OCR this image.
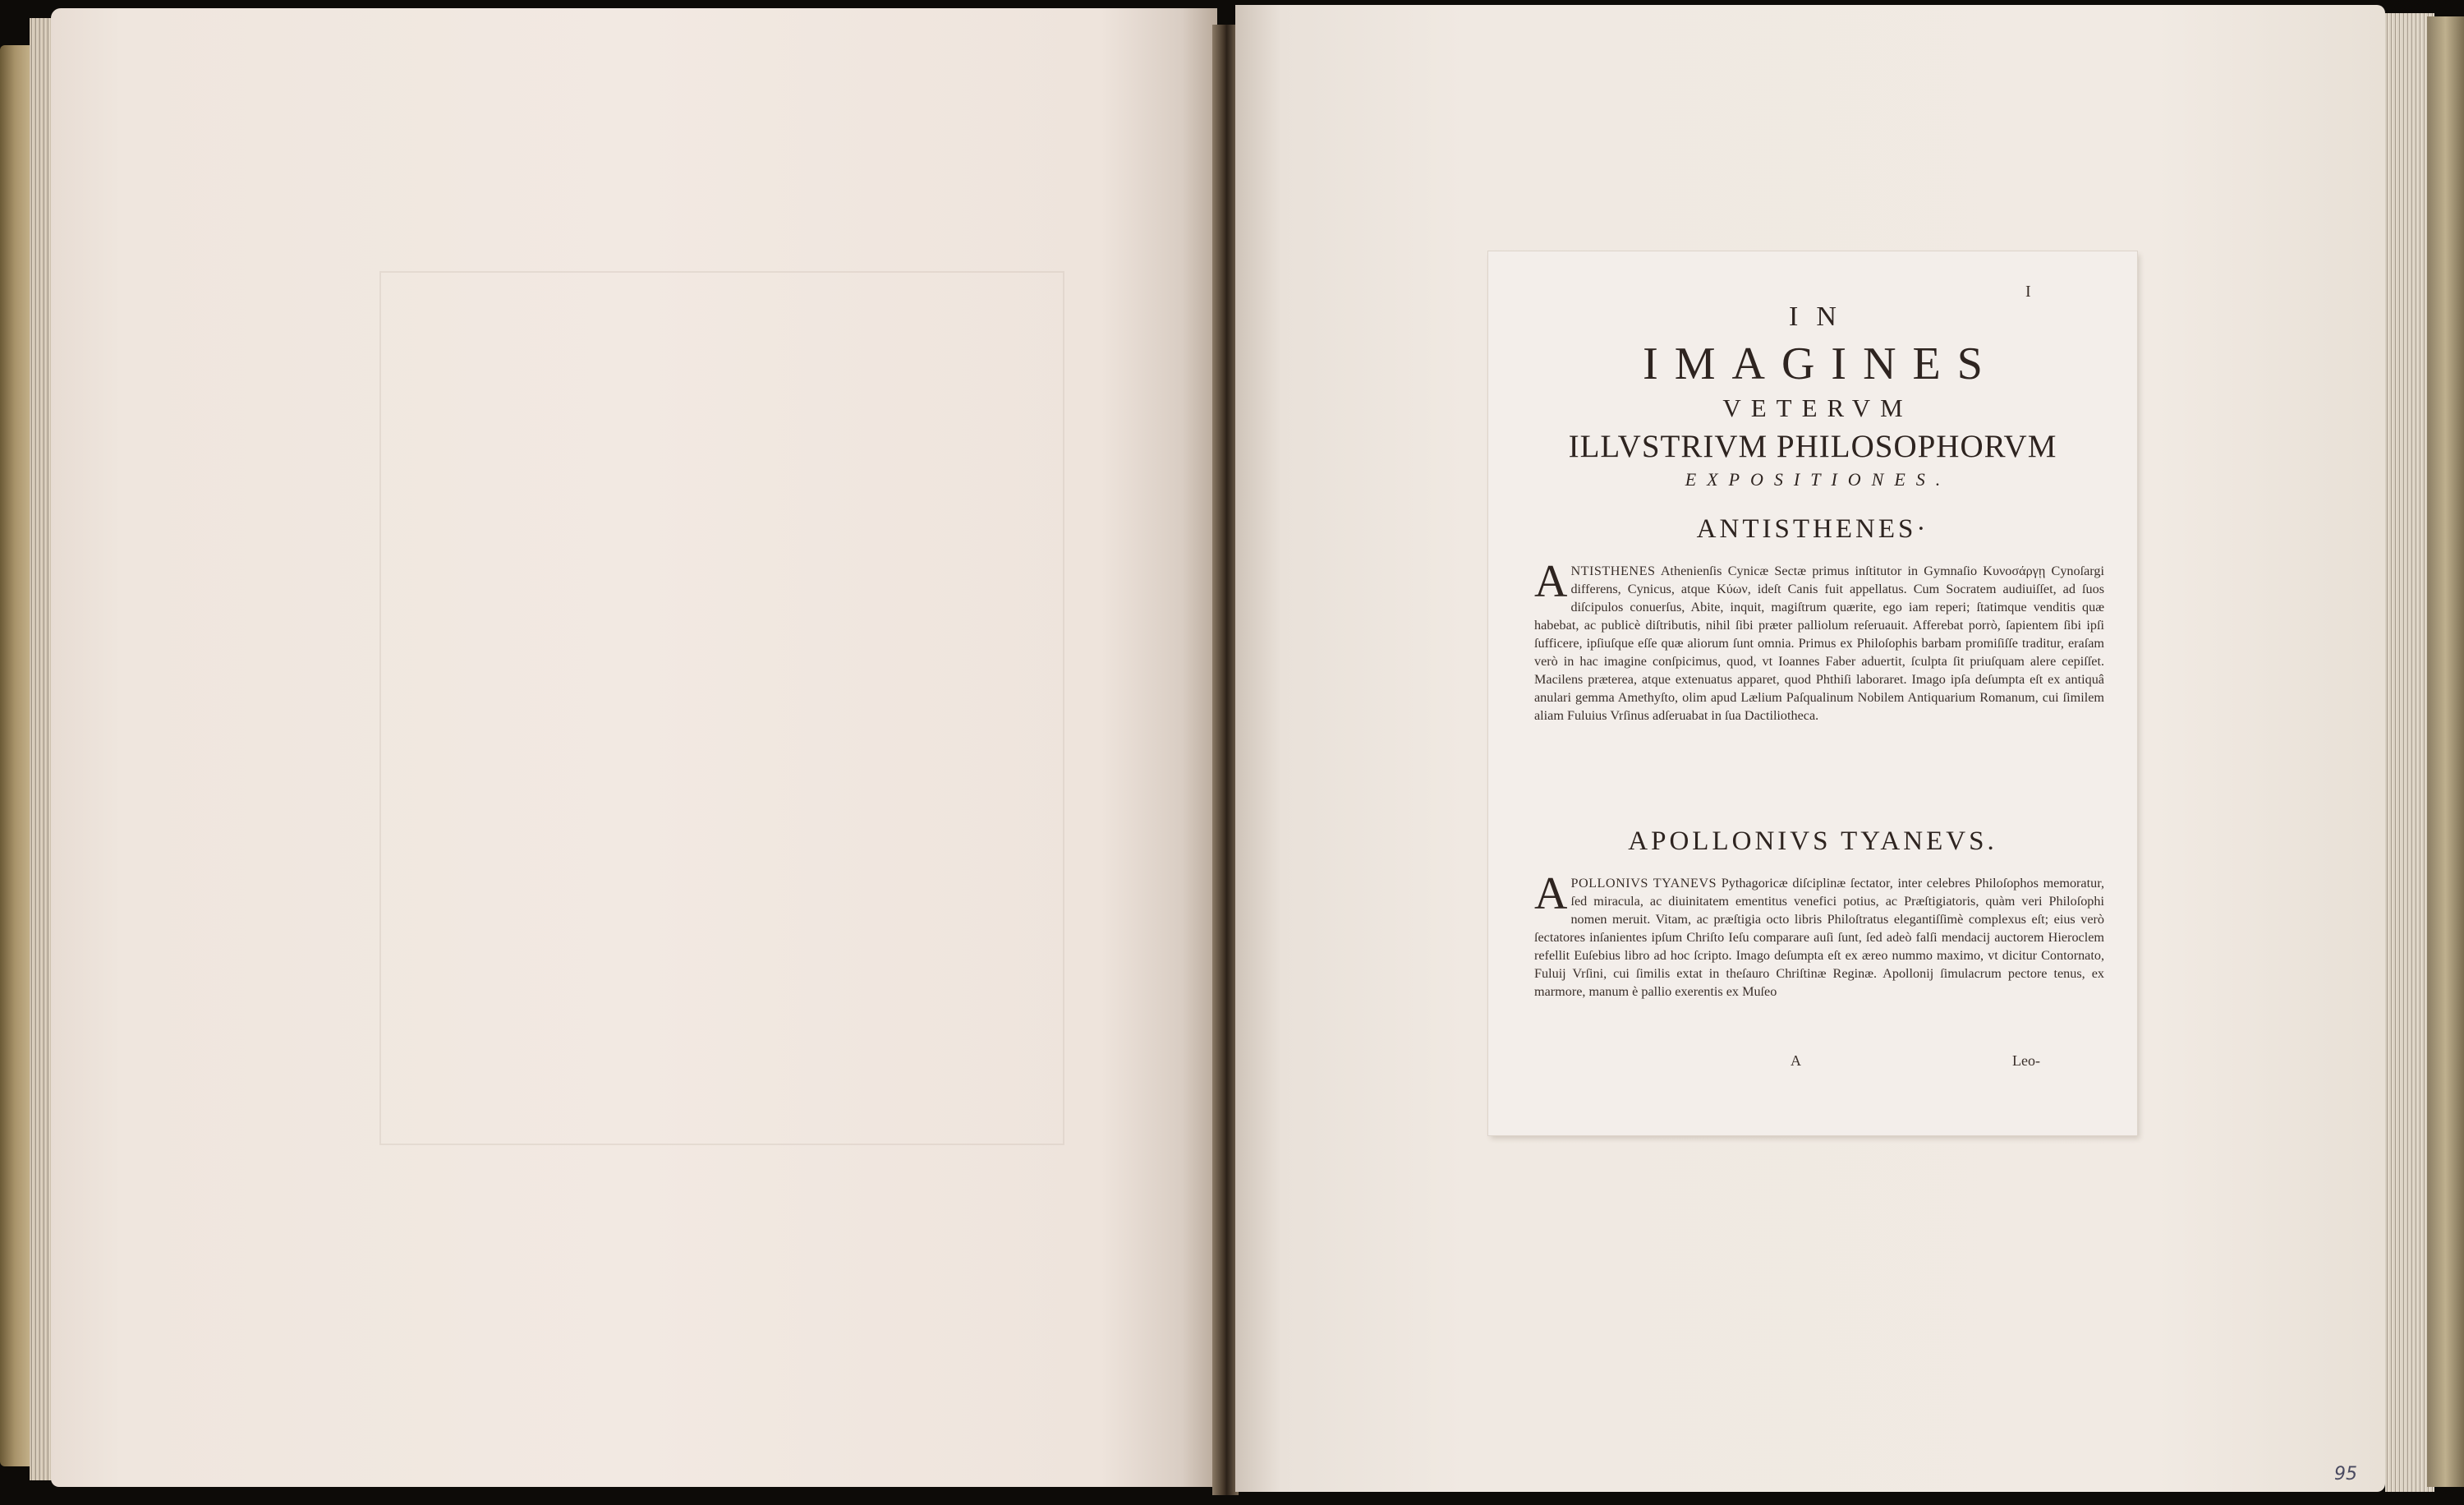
I
IN
IMAGINES
VETERVM
ILLVSTRIVM PHILOSOPHORVM
EXPOSITIONES.
ANTISTHENES·
ANTISTHENES Athenienſis Cynicæ Sectæ primus inſtitutor in Gymnaſio Κυνοσάργῃ Cynoſargi differens, Cynicus, atque Κύων, ideſt Canis fuit appellatus. Cum Socratem audiuiſſet, ad ſuos diſcipulos conuerſus, Abite, inquit, magiſtrum quærite, ego iam reperi; ſtatimque venditis quæ habebat, ac publicè diſtributis, nihil ſibi præter palliolum reſeruauit. Afferebat porrò, ſapientem ſibi ipſi ſufficere, ipſiuſque eſſe quæ aliorum ſunt omnia. Primus ex Philoſophis barbam promiſiſſe traditur, eraſam verò in hac imagine conſpicimus, quod, vt Ioannes Faber aduertit, ſculpta ſit priuſquam alere cepiſſet. Macilens præterea, atque extenuatus apparet, quod Phthiſi laboraret. Imago ipſa deſumpta eſt ex antiquâ anulari gemma Amethyſto, olim apud Lælium Paſqualinum Nobilem Antiquarium Romanum, cui ſimilem aliam Fuluius Vrſinus adſeruabat in ſua Dactiliotheca.
APOLLONIVS TYANEVS.
APOLLONIVS TYANEVS Pythagoricæ diſciplinæ ſectator, inter celebres Philoſophos memoratur, ſed miracula, ac diuinitatem ementitus venefici potius, ac Præſtigiatoris, quàm veri Philoſophi nomen meruit. Vitam, ac præſtigia octo libris Philoſtratus elegantiſſimè complexus eſt; eius verò ſectatores inſanientes ipſum Chriſto Ieſu comparare auſi ſunt, ſed adeò falſi mendacij auctorem Hieroclem refellit Euſebius libro ad hoc ſcripto. Imago deſumpta eſt ex æreo nummo maximo, vt dicitur Contornato, Fuluij Vrſini, cui ſimilis extat in theſauro Chriſtinæ Reginæ. Apollonij ſimulacrum pectore tenus, ex marmore, manum è pallio exerentis ex Muſeo
A	Leo-
95
